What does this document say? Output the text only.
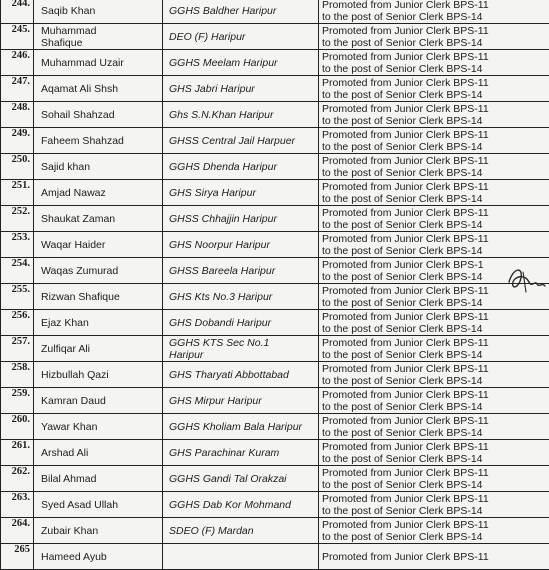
244.	Saqib Khan	GGHS Baldher Haripur	Promoted from Junior Clerk BPS-11
to the post of Senior Clerk BPS-14

245.	Muhammad
Shafique	DEO (F) Haripur	Promoted from Junior Clerk BPS-11
to the post of Senior Clerk BPS-14

246.	Muhammad Uzair	GGHS Meelam Haripur	Promoted from Junior Clerk BPS-11
to the post of Senior Clerk BPS-14

247.	Aqamat Ali Shsh	GHS Jabri Haripur	Promoted from Junior Clerk BPS-11
to the post of Senior Clerk BPS-14

248.	Sohail Shahzad	Ghs S.N.Khan Haripur	Promoted from Junior Clerk BPS-11
to the post of Senior Clerk BPS-14

249.	Faheem Shahzad	GHSS Central Jail Harpuer	Promoted from Junior Clerk BPS-11
to the post of Senior Clerk BPS-14

250.	Sajid khan	GGHS Dhenda Haripur	Promoted from Junior Clerk BPS-11
to the post of Senior Clerk BPS-14

251.	Amjad Nawaz	GHS Sirya Haripur	Promoted from Junior Clerk BPS-11
to the post of Senior Clerk BPS-14

252.	Shaukat Zaman	GHSS Chhajjin Haripur	Promoted from Junior Clerk BPS-11
to the post of Senior Clerk BPS-14

253.	Waqar Haider	GHS Noorpur Haripur	Promoted from Junior Clerk BPS-11
to the post of Senior Clerk BPS-14

254.	Waqas Zumurad	GHSS Bareela Haripur	Promoted from Junior Clerk BPS-1
to the post of Senior Clerk BPS-14

255.	Rizwan Shafique	GHS Kts No.3 Haripur	Promoted from Junior Clerk BPS-11
to the post of Senior Clerk BPS-14

256.	Ejaz Khan	GHS Dobandi Haripur	Promoted from Junior Clerk BPS-11
to the post of Senior Clerk BPS-14

257.	Zulfiqar Ali	GGHS KTS Sec No.1
Haripur	Promoted from Junior Clerk BPS-11
to the post of Senior Clerk BPS-14

258.	Hizbullah Qazi	GHS Tharyati Abbottabad	Promoted from Junior Clerk BPS-11
to the post of Senior Clerk BPS-14

259.	Kamran Daud	GHS Mirpur Haripur	Promoted from Junior Clerk BPS-11
to the post of Senior Clerk BPS-14

260.	Yawar Khan	GGHS Kholiam Bala Haripur	Promoted from Junior Clerk BPS-11
to the post of Senior Clerk BPS-14

261.	Arshad Ali	GHS Parachinar Kuram	Promoted from Junior Clerk BPS-11
to the post of Senior Clerk BPS-14

262.	Bilal Ahmad	GGHS Gandi Tal Orakzai	Promoted from Junior Clerk BPS-11
to the post of Senior Clerk BPS-14

263.	Syed Asad Ullah	GGHS Dab Kor Mohmand	Promoted from Junior Clerk BPS-11
to the post of Senior Clerk BPS-14

264.	Zubair Khan	SDEO (F) Mardan	Promoted from Junior Clerk BPS-11
to the post of Senior Clerk BPS-14

265	Hameed Ayub		Promoted from Junior Clerk BPS-11
